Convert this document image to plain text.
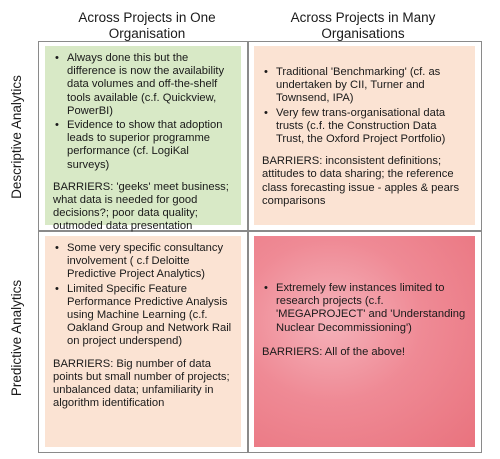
Across Projects in One Organisation
Across Projects in Many Organisations
Descriptive Analytics
Predictive Analytics
• Always done this but the difference is now the availability data volumes and off-the-shelf tools available (c.f. Quickview, PowerBI)
• Evidence to show that adoption leads to superior programme performance (cf. LogiKal surveys)
BARRIERS: 'geeks' meet business; what data is needed for good decisions?; poor data quality; outmoded data presentation
• Traditional 'Benchmarking' (cf. as undertaken by CII, Turner and Townsend, IPA)
• Very few trans-organisational data trusts (c.f. the Construction Data Trust, the Oxford Project Portfolio)
BARRIERS: inconsistent definitions; attitudes to data sharing; the reference class forecasting issue - apples & pears comparisons
• Some very specific consultancy involvement ( c.f Deloitte Predictive Project Analytics)
• Limited Specific Feature Performance Predictive Analysis using Machine Learning (c.f. Oakland Group and Network Rail on project underspend)
BARRIERS: Big number of data points but small number of projects; unbalanced data; unfamiliarity in algorithm identification
• Extremely few instances limited to research projects (c.f. 'MEGAPROJECT' and 'Understanding Nuclear Decommissioning')
BARRIERS: All of the above!
